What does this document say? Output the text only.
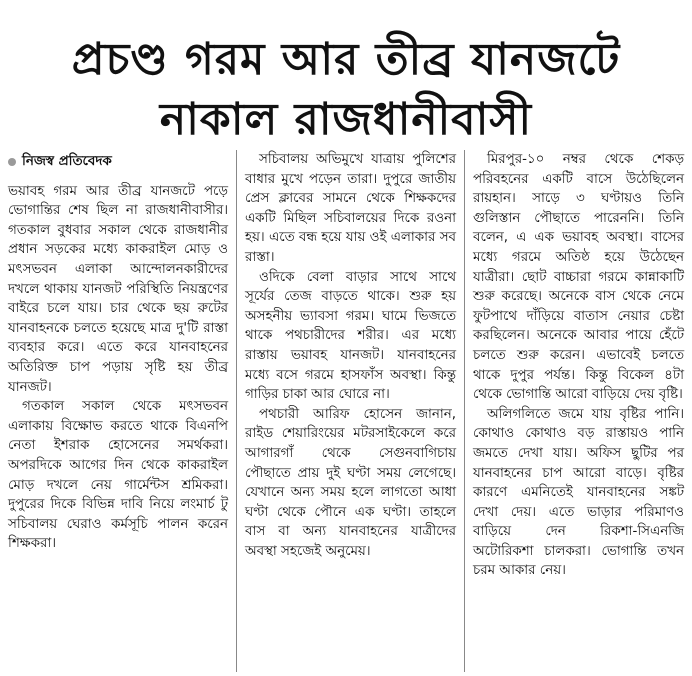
প্রচণ্ড গরম আর তীব্র যানজটে
নাকাল রাজধানীবাসী
নিজস্ব প্রতিবেদক

ভয়াবহ গরম আর তীব্র যানজটে পড়ে ভোগান্তির শেষ ছিল না রাজধানীবাসীর। গতকাল বুধবার সকাল থেকে রাজধানীর প্রধান সড়কের মধ্যে কাকরাইল মোড় ও মৎসভবন এলাকা আন্দোলনকারীদের দখলে থাকায় যানজট পরিস্থিতি নিয়ন্ত্রণের বাইরে চলে যায়। চার থেকে ছয় রুটের যানবাহনকে চলতে হয়েছে মাত্র দু'টি রাস্তা ব্যবহার করে। এতে করে যানবাহনের অতিরিক্ত চাপ পড়ায় সৃষ্টি হয় তীব্র যানজট।

গতকাল সকাল থেকে মৎসভবন এলাকায় বিক্ষোভ করতে থাকে বিএনপি নেতা ইশরাক হোসেনের সমর্থকরা। অপরদিকে আগের দিন থেকে কাকরাইল মোড় দখলে নেয় গার্মেন্টস শ্রমিকরা। দুপুরের দিকে বিভিন্ন দাবি নিয়ে লংমার্চ টু সচিবালয় ঘেরাও কর্মসূচি পালন করেন শিক্ষকরা।

সচিবালয় অভিমুখে যাত্রায় পুলিশের বাধার মুখে পড়েন তারা। দুপুরে জাতীয় প্রেস ক্লাবের সামনে থেকে শিক্ষকদের একটি মিছিল সচিবালয়ের দিকে রওনা হয়। এতে বন্ধ হয়ে যায় ওই এলাকার সব রাস্তা।

ওদিকে বেলা বাড়ার সাথে সাথে সূর্যের তেজ বাড়তে থাকে। শুরু হয় অসহনীয় ভ্যাবসা গরম। ঘামে ভিজতে থাকে পথচারীদের শরীর। এর মধ্যে রাস্তায় ভয়াবহ যানজট। যানবাহনের মধ্যে বসে গরমে হাসফাঁস অবস্থা। কিন্তু গাড়ির চাকা আর ঘোরে না।

পথচারী আরিফ হোসেন জানান, রাইড শেয়ারিংয়ের মটরসাইকেলে করে আগারগাঁ থেকে সেগুনবাগিচায় পৌছাতে প্রায় দুই ঘণ্টা সময় লেগেছে। যেখানে অন্য সময় হলে লাগতো আধা ঘণ্টা থেকে পৌনে এক ঘণ্টা। তাহলে বাস বা অন্য যানবাহনের যাত্রীদের অবস্থা সহজেই অনুমেয়।

মিরপুর-১০ নম্বর থেকে শেকড় পরিবহনের একটি বাসে উঠেছিলেন রায়হান। সাড়ে ৩ ঘণ্টায়ও তিনি গুলিস্তান পৌছাতে পারেননি। তিনি বলেন, এ এক ভয়াবহ অবস্থা। বাসের মধ্যে গরমে অতিষ্ঠ হয়ে উঠেছেন যাত্রীরা। ছোট বাচ্চারা গরমে কান্নাকাটি শুরু করেছে। অনেকে বাস থেকে নেমে ফুটপাথে দাঁড়িয়ে বাতাস নেয়ার চেষ্টা করছিলেন। অনেকে আবার পায়ে হেঁটে চলতে শুরু করেন। এভাবেই চলতে থাকে দুপুর পর্যন্ত। কিন্তু বিকেল ৪টা থেকে ভোগান্তি আরো বাড়িয়ে দেয় বৃষ্টি।

অলিগলিতে জমে যায় বৃষ্টির পানি। কোথাও কোথাও বড় রাস্তায়ও পানি জমতে দেখা যায়। অফিস ছুটির পর যানবাহনের চাপ আরো বাড়ে। বৃষ্টির কারণে এমনিতেই যানবাহনের সঙ্কট দেখা দেয়। এতে ভাড়ার পরিমাণও বাড়িয়ে দেন রিকশা-সিএনজি অটোরিকশা চালকরা। ভোগান্তি তখন চরম আকার নেয়।
